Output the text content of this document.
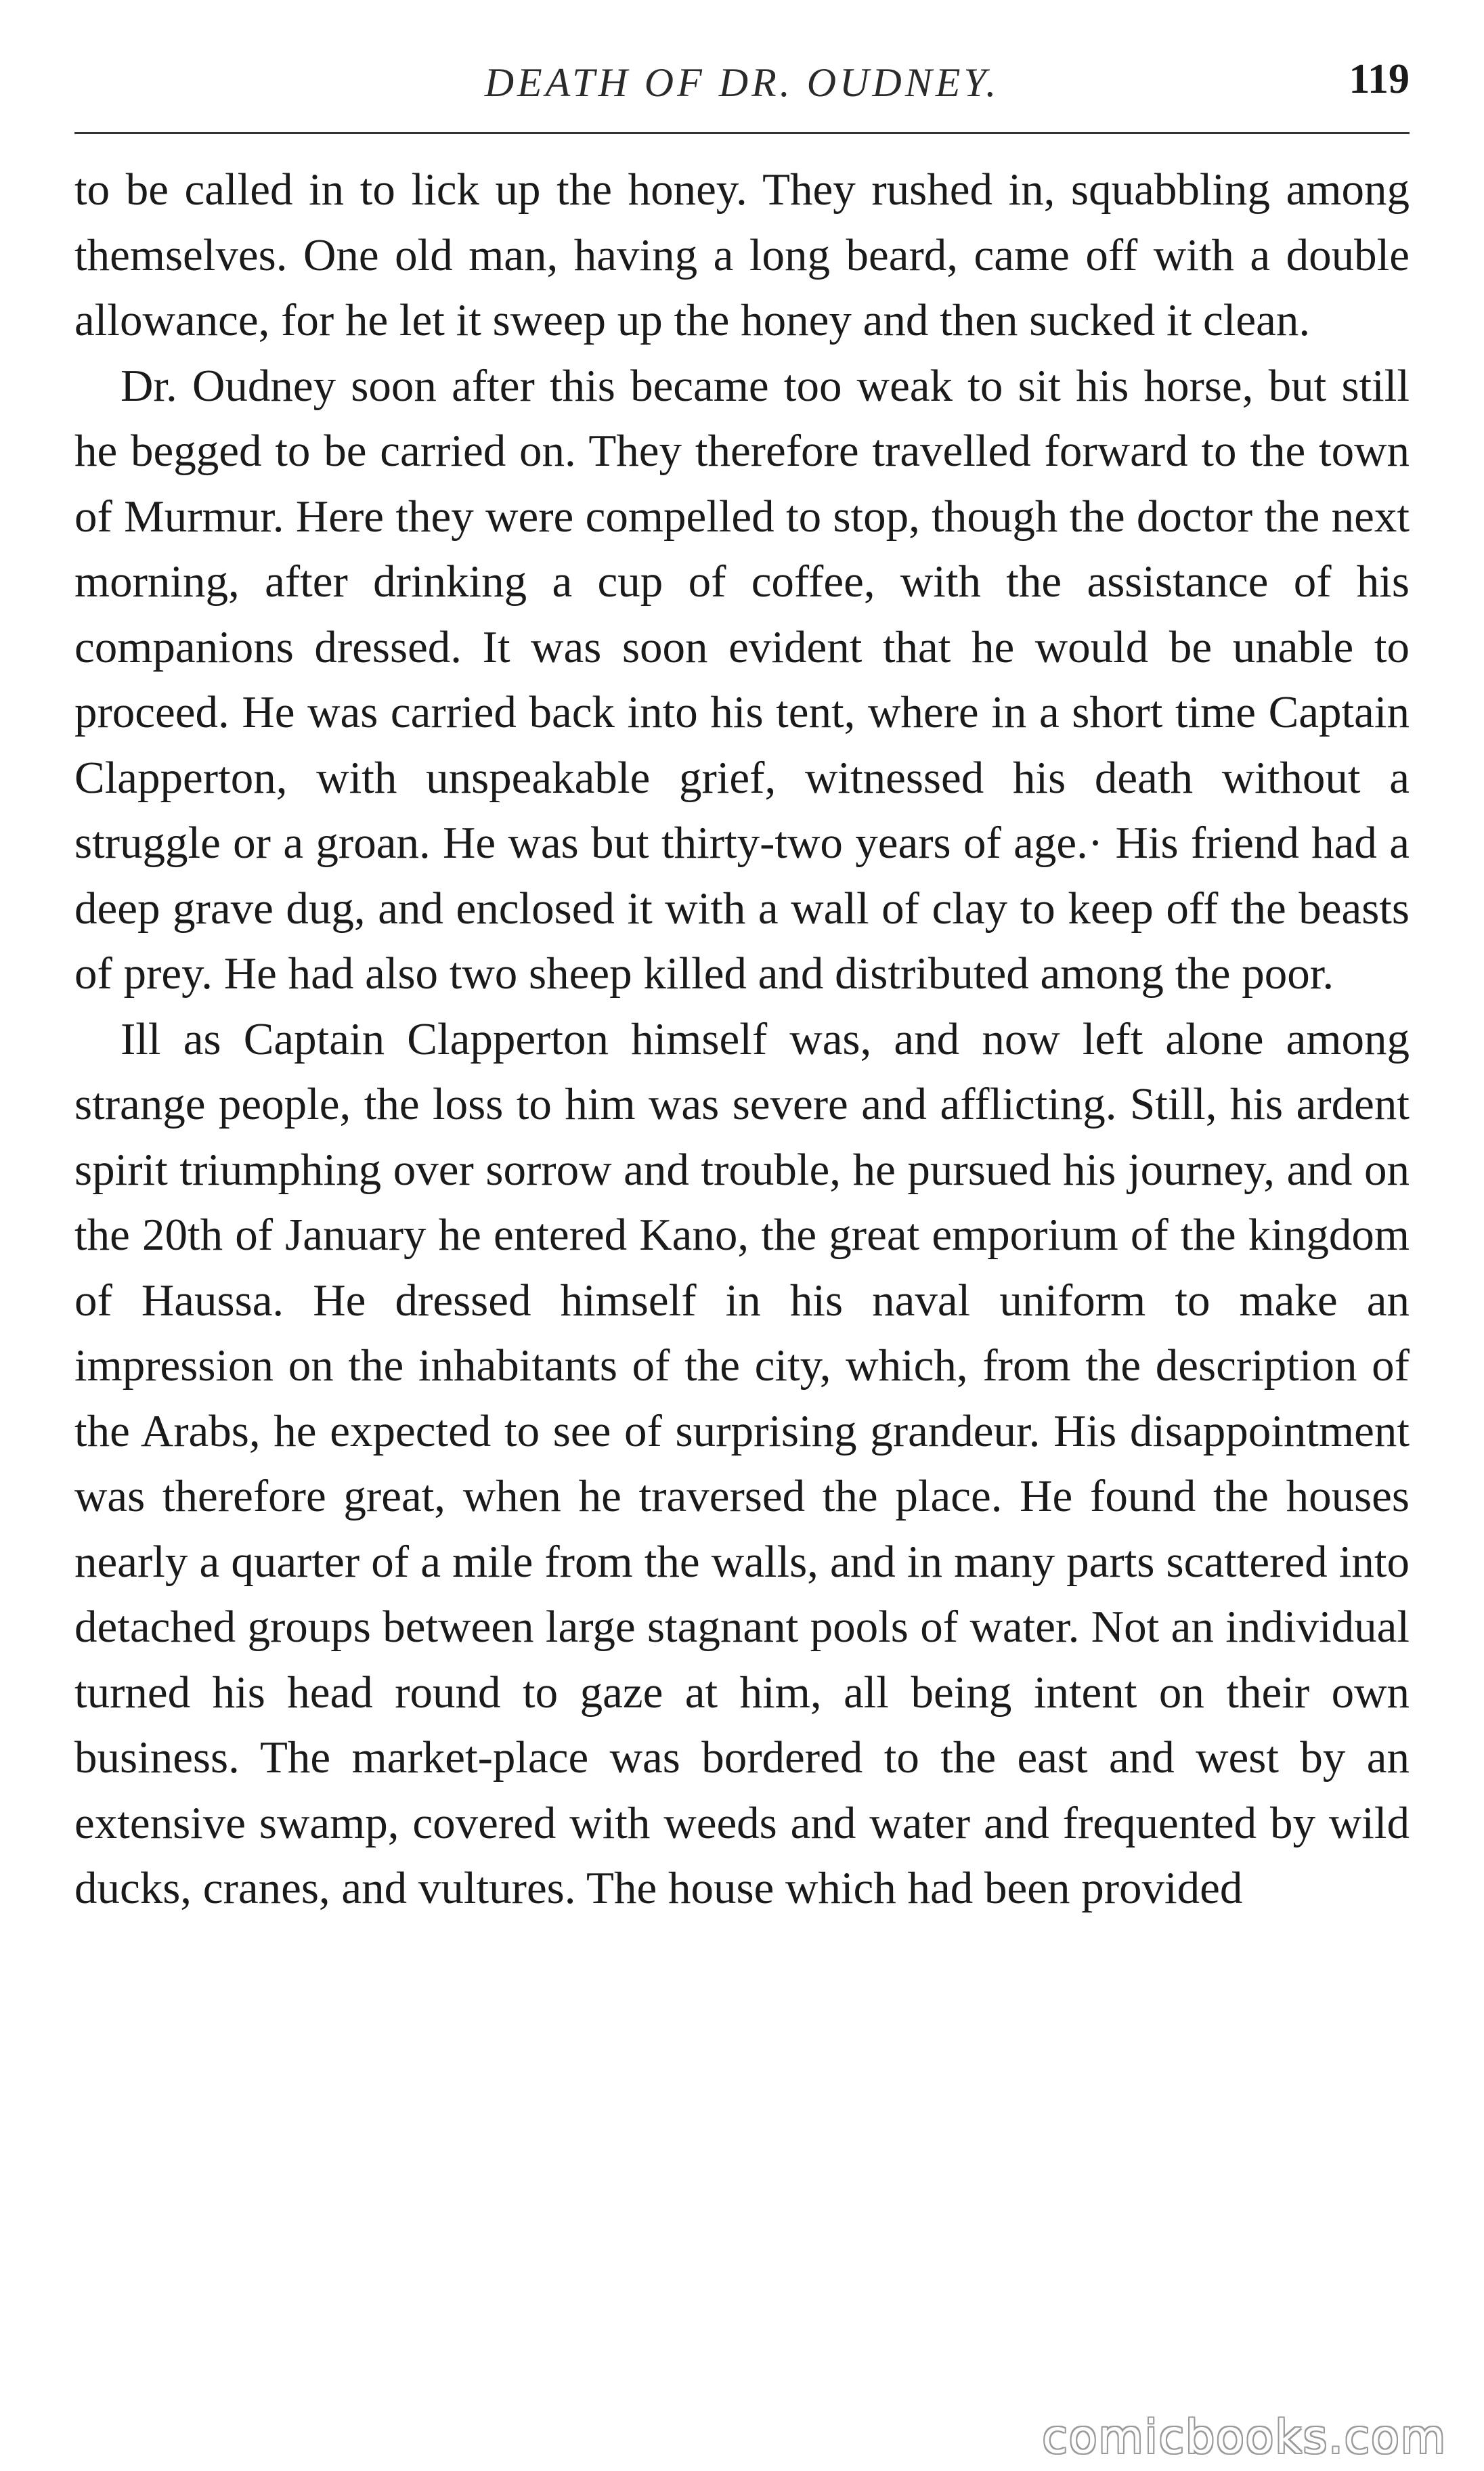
DEATH OF DR. OUDNEY.	119

to be called in to lick up the honey. They rushed in, squabbling among themselves. One old man, having a long beard, came off with a double allowance, for he let it sweep up the honey and then sucked it clean.

Dr. Oudney soon after this became too weak to sit his horse, but still he begged to be carried on. They therefore travelled forward to the town of Murmur. Here they were compelled to stop, though the doctor the next morning, after drinking a cup of coffee, with the assistance of his companions dressed. It was soon evident that he would be unable to proceed. He was carried back into his tent, where in a short time Captain Clapperton, with unspeakable grief, witnessed his death without a struggle or a groan. He was but thirty-two years of age.· His friend had a deep grave dug, and enclosed it with a wall of clay to keep off the beasts of prey. He had also two sheep killed and distributed among the poor.

Ill as Captain Clapperton himself was, and now left alone among strange people, the loss to him was severe and afflicting. Still, his ardent spirit triumphing over sorrow and trouble, he pursued his journey, and on the 20th of January he entered Kano, the great emporium of the kingdom of Haussa. He dressed himself in his naval uniform to make an impression on the inhabitants of the city, which, from the description of the Arabs, he expected to see of surprising grandeur. His disappointment was therefore great, when he traversed the place. He found the houses nearly a quarter of a mile from the walls, and in many parts scattered into detached groups between large stagnant pools of water. Not an individual turned his head round to gaze at him, all being intent on their own business. The market-place was bordered to the east and west by an extensive swamp, covered with weeds and water and frequented by wild ducks, cranes, and vultures. The house which had been provided

comicbooks.com
